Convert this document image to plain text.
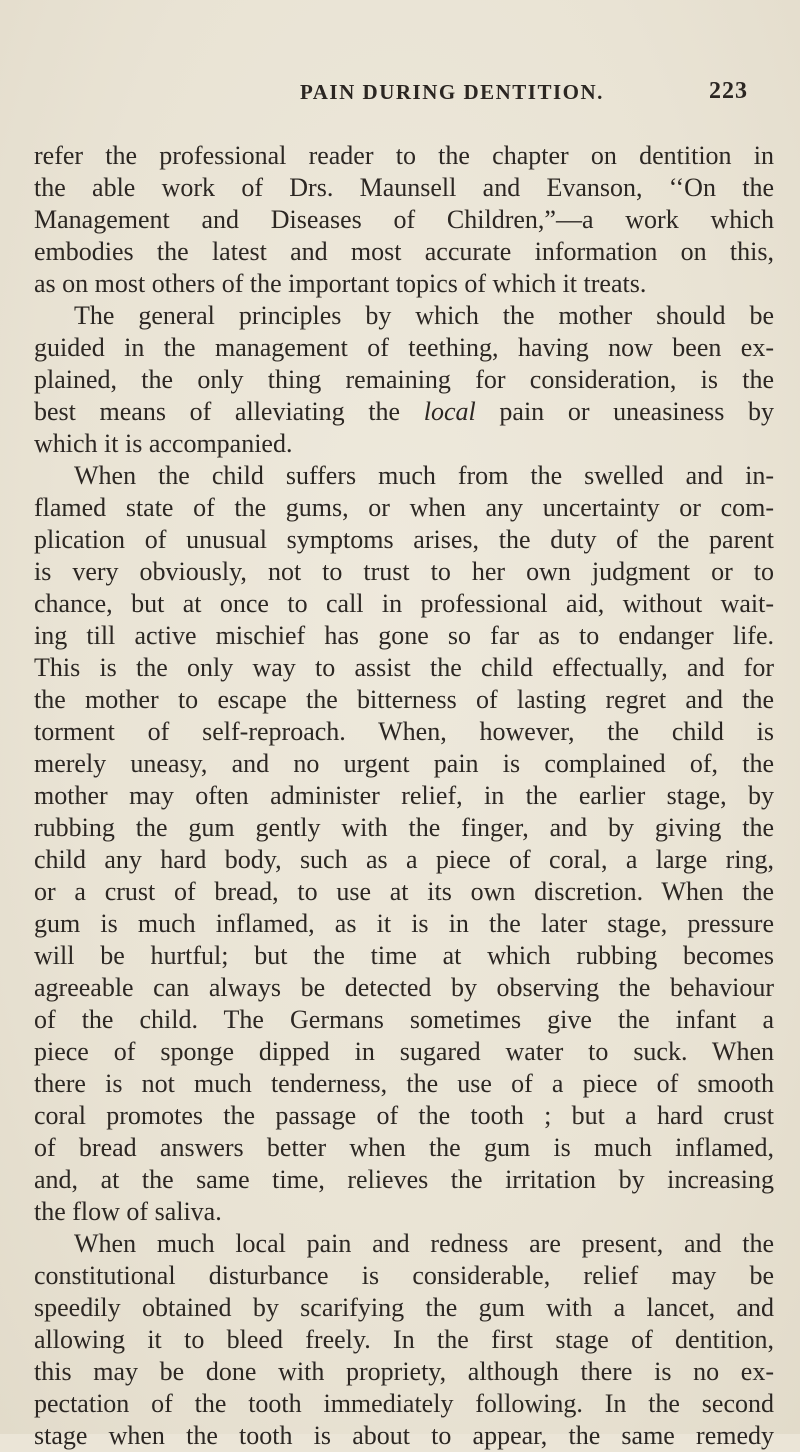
PAIN DURING DENTITION.	223

refer the professional reader to the chapter on dentition in

the able work of Drs. Maunsell and Evanson, ‘‘On the

Management and Diseases of Children,”—a work which

embodies the latest and most accurate information on this,

as on most others of the important topics of which it treats.

The general principles by which the mother should be

guided in the management of teething, having now been ex-

plained, the only thing remaining for consideration, is the

best means of alleviating the local pain or uneasiness by

which it is accompanied.

When the child suffers much from the swelled and in-

flamed state of the gums, or when any uncertainty or com-

plication of unusual symptoms arises, the duty of the parent

is very obviously, not to trust to her own judgment or to

chance, but at once to call in professional aid, without wait-

ing till active mischief has gone so far as to endanger life.

This is the only way to assist the child effectually, and for

the mother to escape the bitterness of lasting regret and the

torment of self-reproach. When, however, the child is

merely uneasy, and no urgent pain is complained of, the

mother may often administer relief, in the earlier stage, by

rubbing the gum gently with the finger, and by giving the

child any hard body, such as a piece of coral, a large ring,

or a crust of bread, to use at its own discretion. When the

gum is much inflamed, as it is in the later stage, pressure

will be hurtful; but the time at which rubbing becomes

agreeable can always be detected by observing the behaviour

of the child. The Germans sometimes give the infant a

piece of sponge dipped in sugared water to suck. When

there is not much tenderness, the use of a piece of smooth

coral promotes the passage of the tooth ; but a hard crust

of bread answers better when the gum is much inflamed,

and, at the same time, relieves the irritation by increasing

the flow of saliva.

When much local pain and redness are present, and the

constitutional disturbance is considerable, relief may be

speedily obtained by scarifying the gum with a lancet, and

allowing it to bleed freely. In the first stage of dentition,

this may be done with propriety, although there is no ex-

pectation of the tooth immediately following. In the second

stage when the tooth is about to appear, the same remedy
